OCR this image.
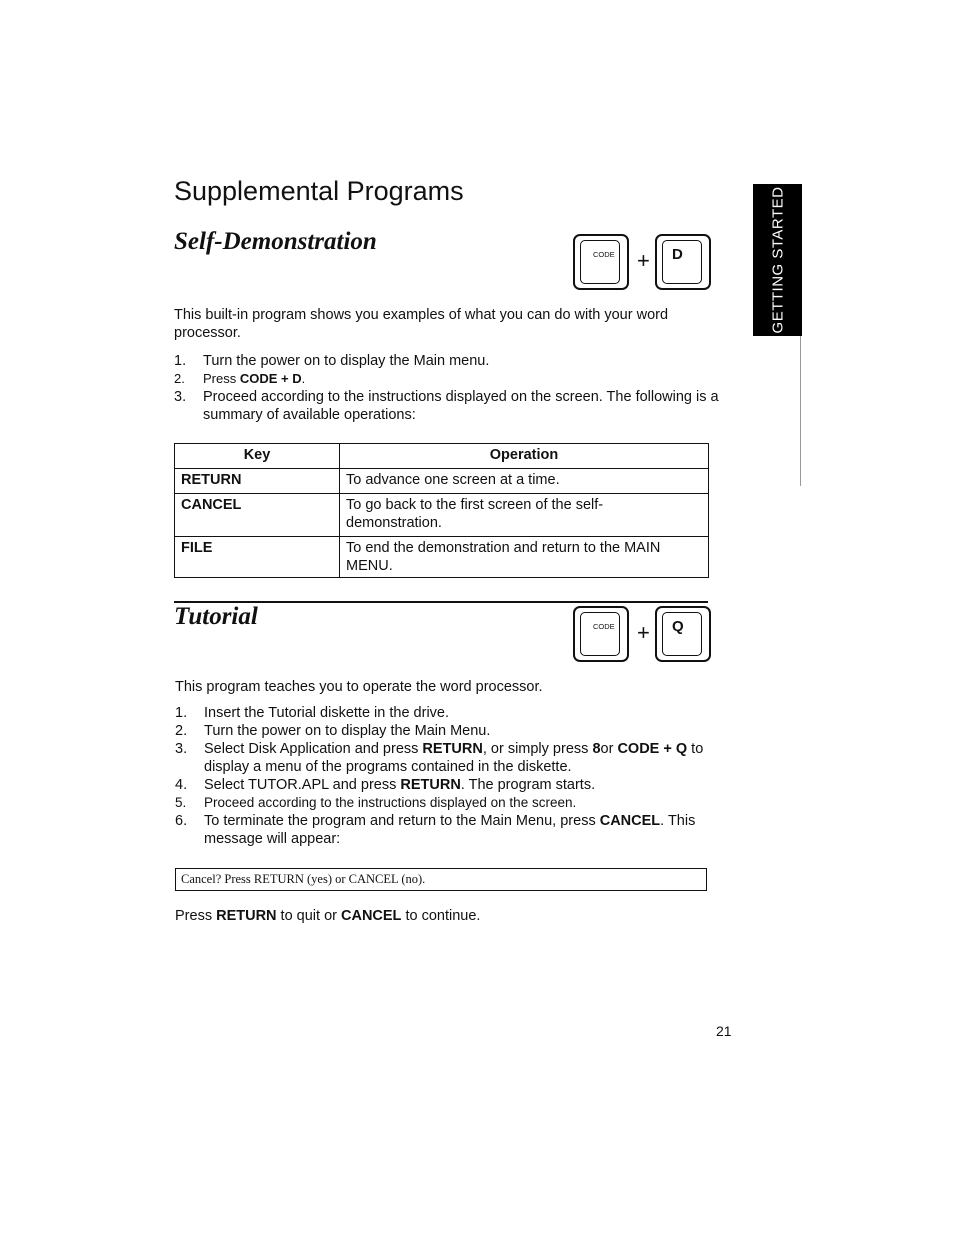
Supplemental Programs	GETTING STARTED
Self-Demonstration	CODE + D

This built-in program shows you examples of what you can do with your word processor.

1. Turn the power on to display the Main menu.
2. Press CODE + D.
3. Proceed according to the instructions displayed on the screen. The following is a summary of available operations:
Key	Operation
RETURN	To advance one screen at a time.
CANCEL	To go back to the first screen of the self-demonstration.
FILE	To end the demonstration and return to the MAIN MENU.
Tutorial	CODE + Q

This program teaches you to operate the word processor.

1. Insert the Tutorial diskette in the drive.
2. Turn the power on to display the Main Menu.
3. Select Disk Application and press RETURN, or simply press 8or CODE + Q to display a menu of the programs contained in the diskette.
4. Select TUTOR.APL and press RETURN. The program starts.
5. Proceed according to the instructions displayed on the screen.
6. To terminate the program and return to the Main Menu, press CANCEL. This message will appear:
Cancel? Press RETURN (yes) or CANCEL (no).

Press RETURN to quit or CANCEL to continue.

21
